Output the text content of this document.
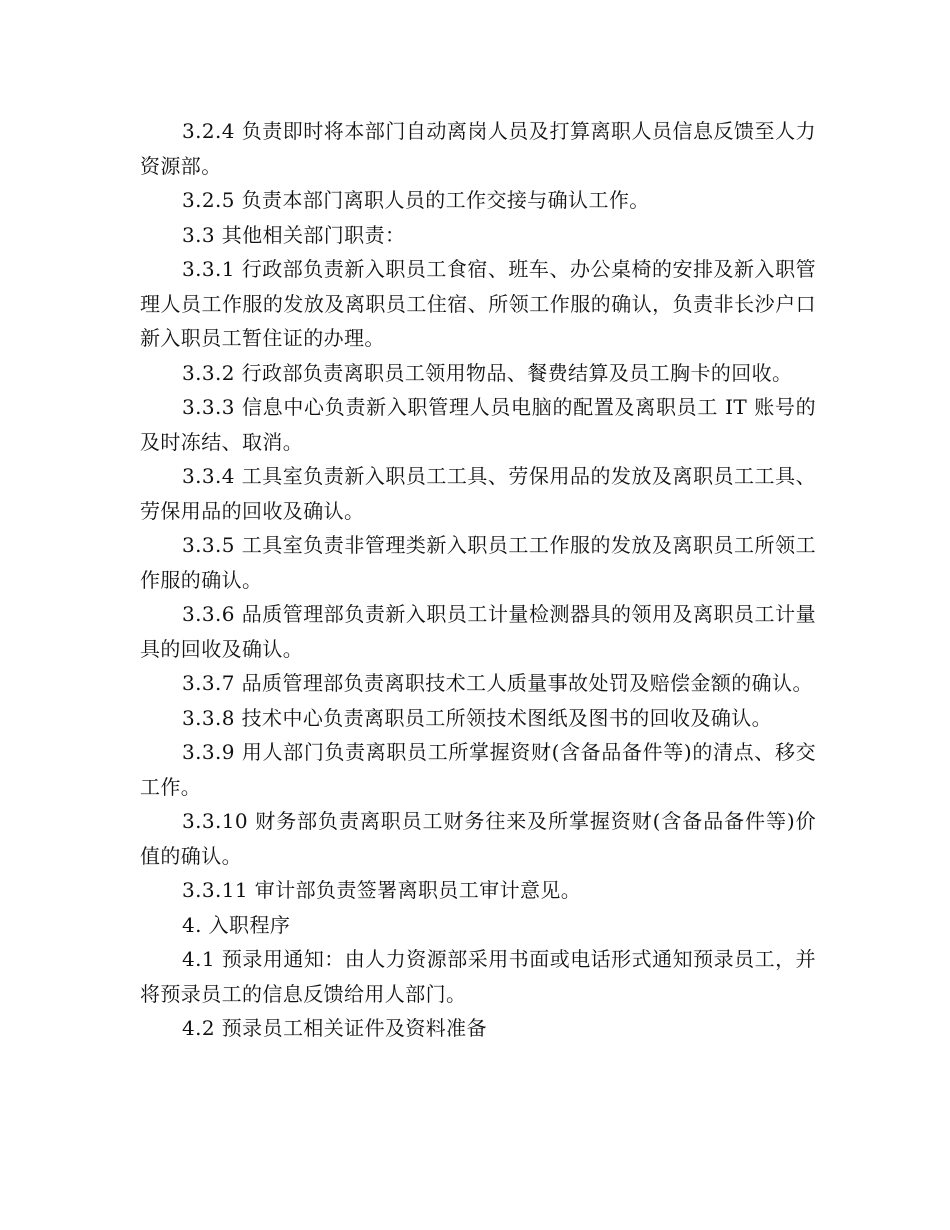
3.2.4 负责即时将本部门自动离岗人员及打算离职人员信息反馈至人力资源部。

3.2.5 负责本部门离职人员的工作交接与确认工作。

3.3 其他相关部门职责：

3.3.1 行政部负责新入职员工食宿、班车、办公桌椅的安排及新入职管理人员工作服的发放及离职员工住宿、所领工作服的确认，负责非长沙户口新入职员工暂住证的办理。

3.3.2 行政部负责离职员工领用物品、餐费结算及员工胸卡的回收。

3.3.3 信息中心负责新入职管理人员电脑的配置及离职员工 IT 账号的及时冻结、取消。

3.3.4 工具室负责新入职员工工具、劳保用品的发放及离职员工工具、劳保用品的回收及确认。

3.3.5 工具室负责非管理类新入职员工工作服的发放及离职员工所领工作服的确认。

3.3.6 品质管理部负责新入职员工计量检测器具的领用及离职员工计量具的回收及确认。

3.3.7 品质管理部负责离职技术工人质量事故处罚及赔偿金额的确认。

3.3.8 技术中心负责离职员工所领技术图纸及图书的回收及确认。

3.3.9 用人部门负责离职员工所掌握资财(含备品备件等)的清点、移交工作。

3.3.10 财务部负责离职员工财务往来及所掌握资财(含备品备件等)价值的确认。

3.3.11 审计部负责签署离职员工审计意见。

4. 入职程序

4.1 预录用通知：由人力资源部采用书面或电话形式通知预录员工，并将预录员工的信息反馈给用人部门。

4.2 预录员工相关证件及资料准备
